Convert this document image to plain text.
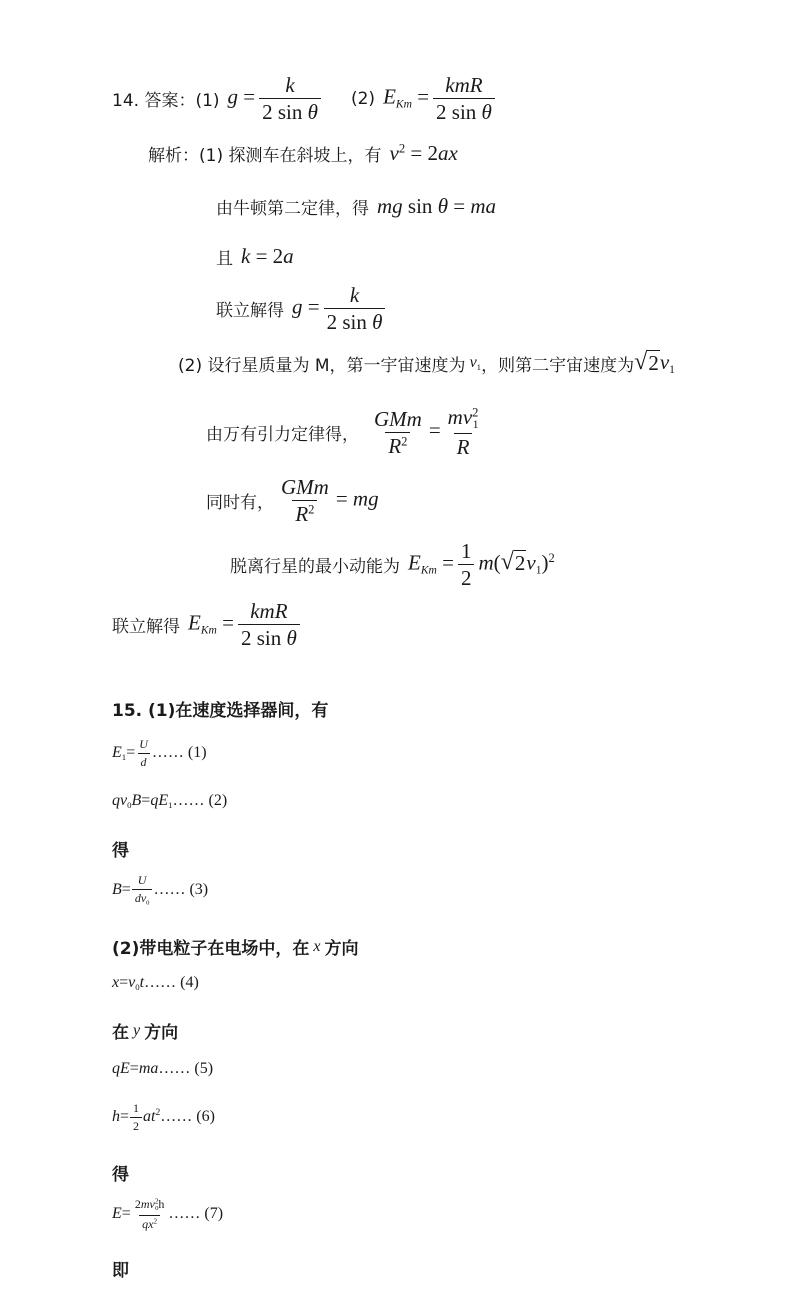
14. 答案：(1) $g = \frac{k}{\text{2 sin θ}} (2) E_{Km} = \frac{\text{kmR}}{\text{2 sin θ}}$
解析：(1) 探测车在斜坡上，有 $v^2 = 2ax$
由牛顿第二定律，得 mg sin θ = ma
且 k = 2a
联立解得 $g = \frac{k}{\text{2 sin θ}}$
(2) 设行星质量为 M，第一宇宙速度为 $v_1$ ，则第二宇宙速度为 √ 2 $v_1$
由万有引力定律得， $\frac{\text{GMm}}{R^2} = \frac{mv^2_1}{R}$
同时有， $\frac{\text{GMm}}{R^2}$ = mg
脱离行星的最小动能为 $E_{Km} = \frac{1}{2} m$( √ 2 $v_1)^2$
联立解得 $E_{Km} = \frac{\text{kmR}}{\text{2 sin θ}}$
15. (1)在速度选择器间，有
$E_1= \frac{U}{d}$ …… (1)
$qv_0B=qE_1$ …… (2)
得
$B= \frac{U}{dv_0}$ …… (3)
(2)带电粒子在电场中，在 x 方向
$x=v_0t$ …… (4)
在 y 方向
qE=ma …… (5)
$h= \frac{1}{2} at^2$ …… (6)
得
$E= \frac{2mv^2_0h}{qx^2}$ …… (7)
即
